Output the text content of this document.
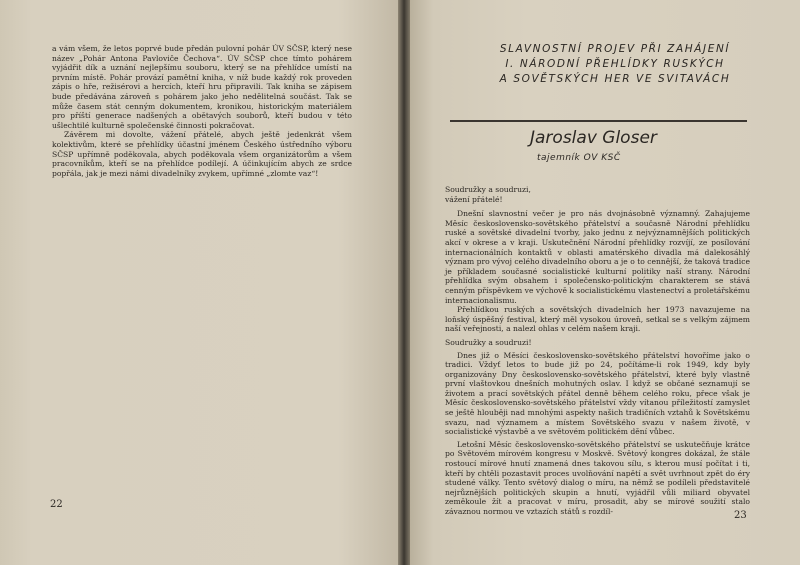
a vám všem, že letos poprvé bude předán pulovní pohár ÚV SČSP, který nese název „Pohár Antona Pavloviče Čechova“. ÚV SČSP chce tímto pohárem vyjádřit dík a uznání nejlepšímu souboru, který se na přehlídce umístí na prvním místě. Pohár provází pamětní kniha, v níž bude každý rok proveden zápis o hře, režisérovi a hercích, kteří hru připravili. Tak kniha se zápisem bude předávána zároveň s pohárem jako jeho nedělitelná součást. Tak se může časem stát cenným dokumentem, kronikou, historickým materiálem pro příští generace nadšených a obětavých souborů, kteří budou v této ušlechtilé kulturně společenské činnosti pokračovat.

Závěrem mi dovolte, vážení přátelé, abych ještě jedenkrát všem kolektivům, které se přehlídky účastní jménem Českého ústředního výboru SČSP upřímně poděkovala, abych poděkovala všem organizátorům a všem pracovníkům, kteří se na přehlídce podílejí. A účinkujícím abych ze srdce popřála, jak je mezi námi divadelníky zvykem, upřímné „zlomte vaz“!

22
SLAVNOSTNÍ PROJEV PŘI ZAHÁJENÍ
I. NÁRODNÍ PŘEHLÍDKY RUSKÝCH
A SOVĚTSKÝCH HER VE SVITAVÁCH
Jaroslav Gloser
tajemník OV KSČ

Soudružky a soudruzi,

vážení přátelé!

Dnešní slavnostní večer je pro nás dvojnásobně významný. Zahajujeme Měsíc československo-sovětského přátelství a současně Národní přehlídku ruské a sovětské divadelní tvorby, jako jednu z nejvýznamnějších politických akcí v okrese a v kraji. Uskutečnění Národní přehlídky rozvíjí, ze posílování internacionálních kontaktů v oblasti amatérského divadla má dalekosáhlý význam pro vývoj celého divadelního oboru a je o to cennější, že taková tradice je příkladem současné socialistické kulturní politiky naší strany. Národní přehlídka svým obsahem i společensko-politickým charakterem se stává cenným příspěvkem ve výchově k socialistickému vlastenectví a proletářskému internacionalismu.

Přehlídkou ruských a sovětských divadelních her 1973 navazujeme na loňský úspěšný festival, který měl vysokou úroveň, setkal se s velkým zájmem naší veřejnosti, a nalezl ohlas v celém našem kraji.

Soudružky a soudruzi!

Dnes již o Měsíci československo-sovětského přátelství hovoříme jako o tradici. Vždyť letos to bude již po 24, počítáme-li rok 1949, kdy byly organizovány Dny československo-sovětského přátelství, které byly vlastně první vlaštovkou dnešních mohutných oslav. I když se občané seznamují se životem a prací sovětských přátel denně během celého roku, přece však je Měsíc československo-sovětského přátelství vždy vítanou příležitostí zamyslet se ještě hlouběji nad mnohými aspekty našich tradičních vztahů k Sovětskému svazu, nad významem a místem Sovětského svazu v našem životě, v socialistické výstavbě a ve světovém politickém dění vůbec.

Letošní Měsíc československo-sovětského přátelství se uskutečňuje krátce po Světovém mírovém kongresu v Moskvě. Světový kongres dokázal, že stále rostoucí mírové hnutí znamená dnes takovou sílu, s kterou musí počítat i ti, kteří by chtěli pozastavit proces uvolňování napětí a svět uvrhnout zpět do éry studené války. Tento světový dialog o míru, na němž se podíleli představitelé nejrůznějších politických skupin a hnutí, vyjádřil vůli miliard obyvatel zeměkoule žít a pracovat v míru, prosadit, aby se mírové soužití stalo závaznou normou ve vztazích států s rozdíl-	23
